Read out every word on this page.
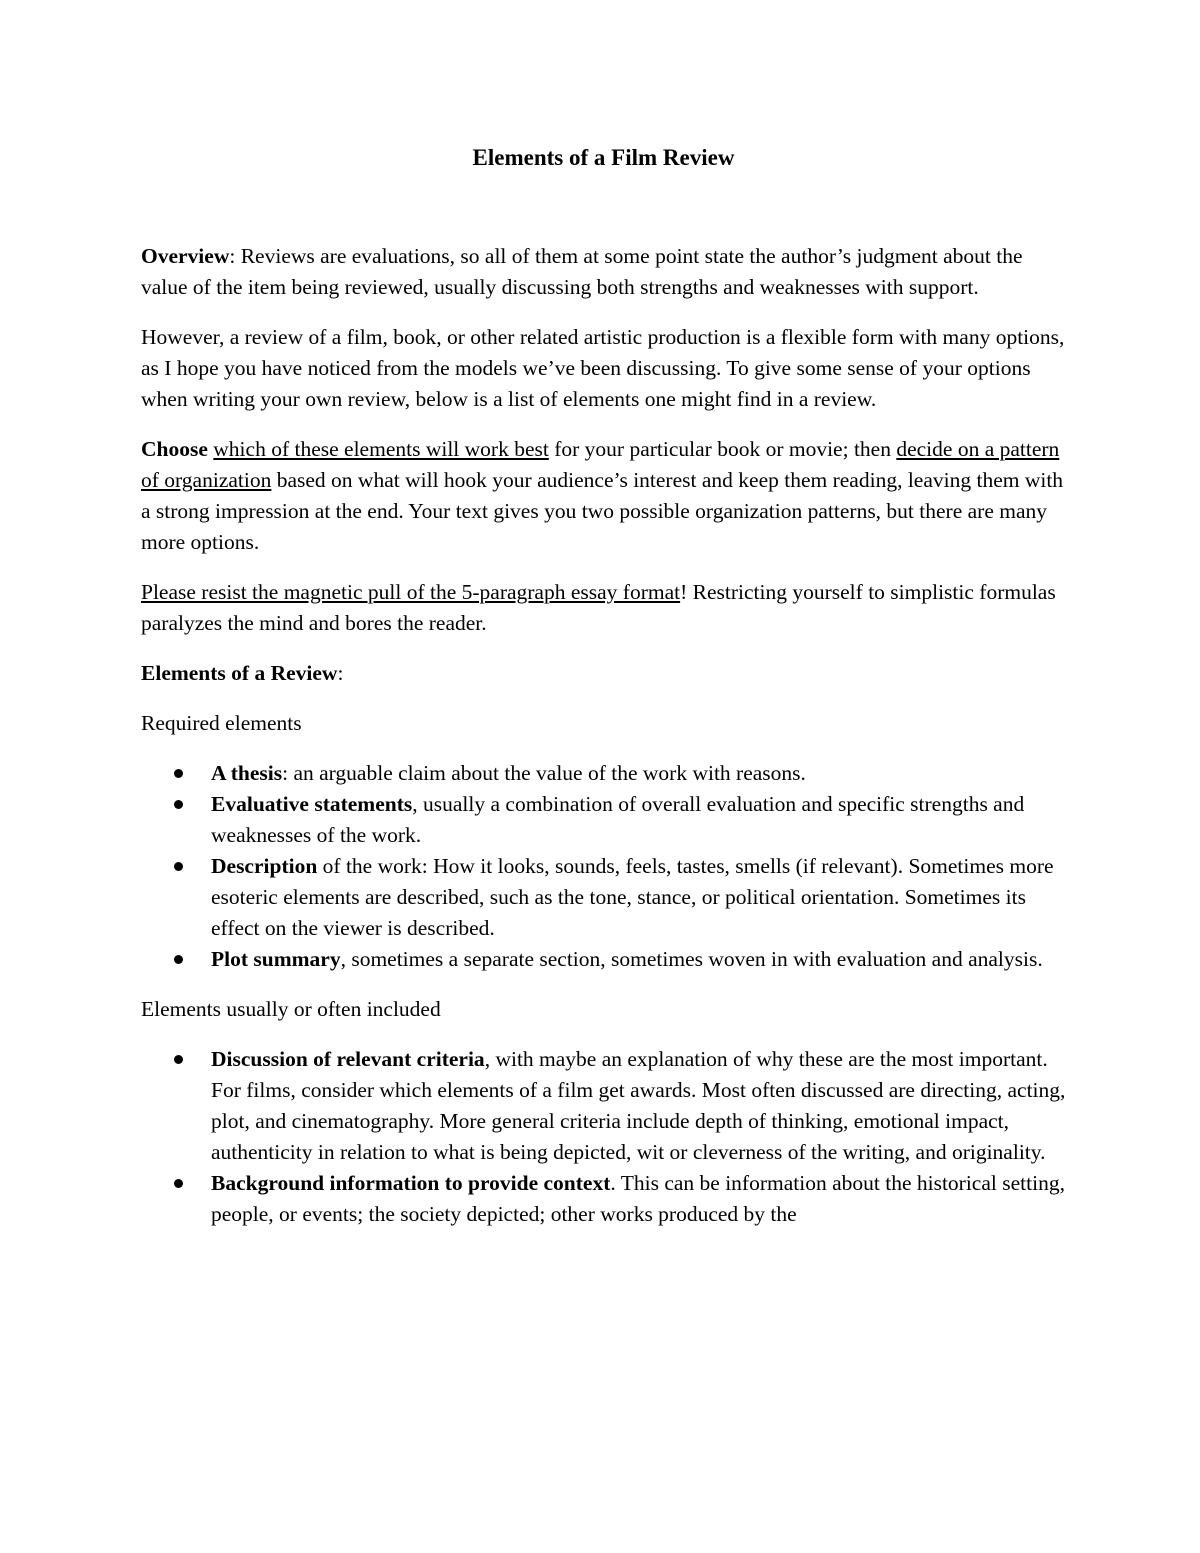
Elements of a Film Review

Overview: Reviews are evaluations, so all of them at some point state the author’s judgment about the value of the item being reviewed, usually discussing both strengths and weaknesses with support.

However, a review of a film, book, or other related artistic production is a flexible form with many options, as I hope you have noticed from the models we’ve been discussing. To give some sense of your options when writing your own review, below is a list of elements one might find in a review.

Choose which of these elements will work best for your particular book or movie; then decide on a pattern of organization based on what will hook your audience’s interest and keep them reading, leaving them with a strong impression at the end. Your text gives you two possible organization patterns, but there are many more options.

Please resist the magnetic pull of the 5-paragraph essay format! Restricting yourself to simplistic formulas paralyzes the mind and bores the reader.

Elements of a Review:

Required elements

A thesis: an arguable claim about the value of the work with reasons.
Evaluative statements, usually a combination of overall evaluation and specific strengths and weaknesses of the work.
Description of the work: How it looks, sounds, feels, tastes, smells (if relevant). Sometimes more esoteric elements are described, such as the tone, stance, or political orientation. Sometimes its effect on the viewer is described.
Plot summary, sometimes a separate section, sometimes woven in with evaluation and analysis.

Elements usually or often included

Discussion of relevant criteria, with maybe an explanation of why these are the most important. For films, consider which elements of a film get awards. Most often discussed are directing, acting, plot, and cinematography. More general criteria include depth of thinking, emotional impact, authenticity in relation to what is being depicted, wit or cleverness of the writing, and originality.
Background information to provide context. This can be information about the historical setting, people, or events; the society depicted; other works produced by the
